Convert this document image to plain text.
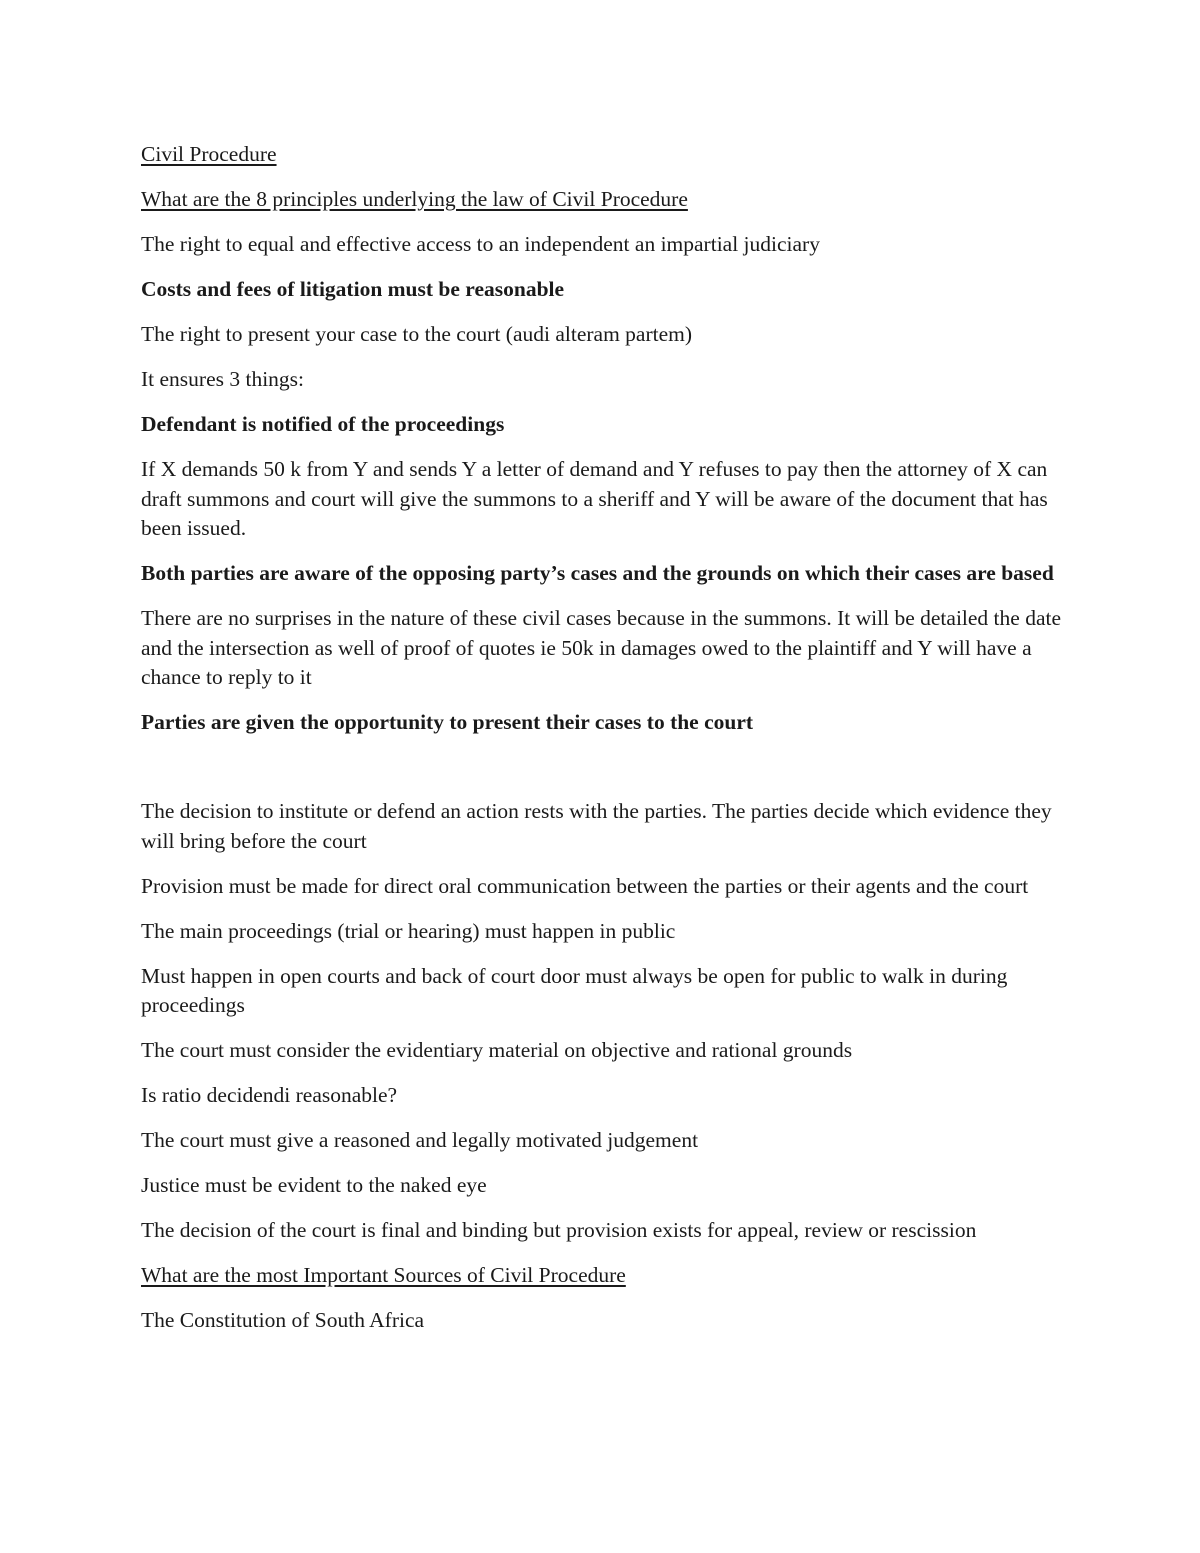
Civil Procedure

What are the 8 principles underlying the law of Civil Procedure

The right to equal and effective access to an independent an impartial judiciary

Costs and fees of litigation must be reasonable

The right to present your case to the court (audi alteram partem)

It ensures 3 things:

Defendant is notified of the proceedings

If X demands 50 k from Y and sends Y a letter of demand and Y refuses to pay then the attorney of X can draft summons and court will give the summons to a sheriff and Y will be aware of the document that has been issued.

Both parties are aware of the opposing party’s cases and the grounds on which their cases are based

There are no surprises in the nature of these civil cases because in the summons. It will be detailed the date and the intersection as well of proof of quotes ie 50k in damages owed to the plaintiff and Y will have a chance to reply to it

Parties are given the opportunity to present their cases to the court

The decision to institute or defend an action rests with the parties. The parties decide which evidence they will bring before the court

Provision must be made for direct oral communication between the parties or their agents and the court

The main proceedings (trial or hearing) must happen in public

Must happen in open courts and back of court door must always be open for public to walk in during proceedings

The court must consider the evidentiary material on objective and rational grounds

Is ratio decidendi reasonable?

The court must give a reasoned and legally motivated judgement

Justice must be evident to the naked eye

The decision of the court is final and binding but provision exists for appeal, review or rescission

What are the most Important Sources of Civil Procedure

The Constitution of South Africa
